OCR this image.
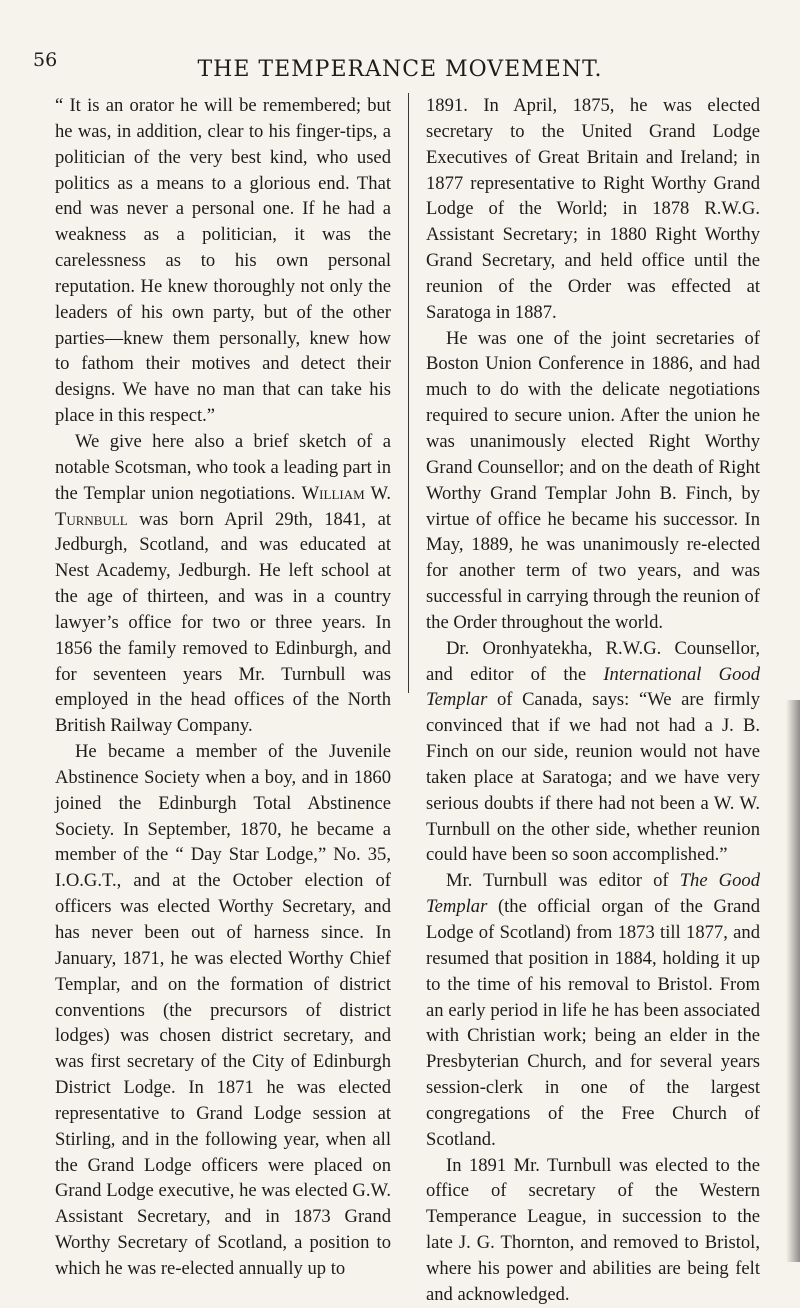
56	THE TEMPERANCE MOVEMENT.

“ It is an orator he will be remembered; but he was, in addition, clear to his finger-tips, a politician of the very best kind, who used politics as a means to a glorious end. That end was never a personal one. If he had a weakness as a politician, it was the carelessness as to his own personal reputation. He knew thoroughly not only the leaders of his own party, but of the other parties—knew them personally, knew how to fathom their motives and detect their designs. We have no man that can take his place in this respect.”

We give here also a brief sketch of a notable Scotsman, who took a leading part in the Templar union negotiations. William W. Turnbull was born April 29th, 1841, at Jedburgh, Scotland, and was educated at Nest Academy, Jedburgh. He left school at the age of thirteen, and was in a country lawyer’s office for two or three years. In 1856 the family removed to Edinburgh, and for seventeen years Mr. Turnbull was employed in the head offices of the North British Railway Company.

He became a member of the Juvenile Abstinence Society when a boy, and in 1860 joined the Edinburgh Total Abstinence Society. In September, 1870, he became a member of the “ Day Star Lodge,” No. 35, I.O.G.T., and at the October election of officers was elected Worthy Secretary, and has never been out of harness since. In January, 1871, he was elected Worthy Chief Templar, and on the formation of district conventions (the precursors of district lodges) was chosen district secretary, and was first secretary of the City of Edinburgh District Lodge. In 1871 he was elected representative to Grand Lodge session at Stirling, and in the following year, when all the Grand Lodge officers were placed on Grand Lodge executive, he was elected G.W. Assistant Secretary, and in 1873 Grand Worthy Secretary of Scotland, a position to which he was re-elected annually up to

1891. In April, 1875, he was elected secretary to the United Grand Lodge Executives of Great Britain and Ireland; in 1877 representative to Right Worthy Grand Lodge of the World; in 1878 R.W.G. Assistant Secretary; in 1880 Right Worthy Grand Secretary, and held office until the reunion of the Order was effected at Saratoga in 1887.

He was one of the joint secretaries of Boston Union Conference in 1886, and had much to do with the delicate negotiations required to secure union. After the union he was unanimously elected Right Worthy Grand Counsellor; and on the death of Right Worthy Grand Templar John B. Finch, by virtue of office he became his successor. In May, 1889, he was unanimously re-elected for another term of two years, and was successful in carrying through the reunion of the Order throughout the world.

Dr. Oronhyatekha, R.W.G. Counsellor, and editor of the International Good Templar of Canada, says: “We are firmly convinced that if we had not had a J. B. Finch on our side, reunion would not have taken place at Saratoga; and we have very serious doubts if there had not been a W. W. Turnbull on the other side, whether reunion could have been so soon accomplished.”

Mr. Turnbull was editor of The Good Templar (the official organ of the Grand Lodge of Scotland) from 1873 till 1877, and resumed that position in 1884, holding it up to the time of his removal to Bristol. From an early period in life he has been associated with Christian work; being an elder in the Presbyterian Church, and for several years session-clerk in one of the largest congregations of the Free Church of Scotland.

In 1891 Mr. Turnbull was elected to the office of secretary of the Western Temperance League, in succession to the late J. G. Thornton, and removed to Bristol, where his power and abilities are being felt and acknowledged.
